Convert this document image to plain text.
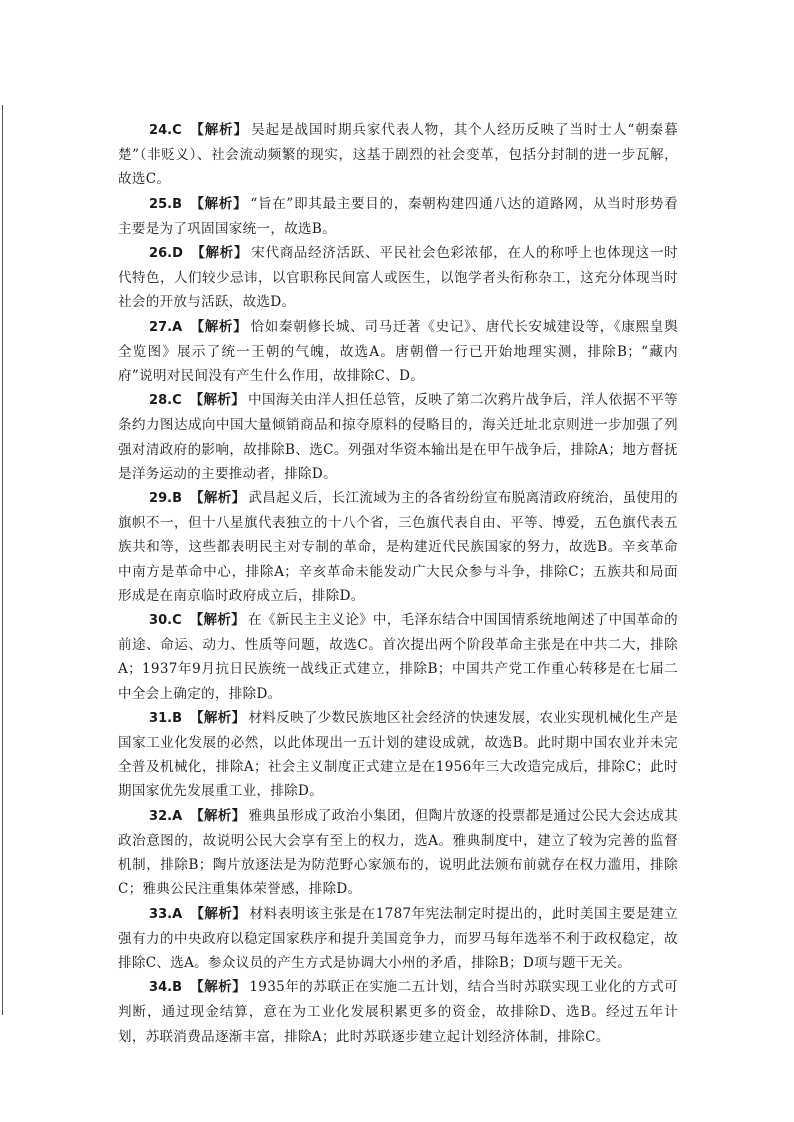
24.C 【解析】 吴起是战国时期兵家代表人物，其个人经历反映了当时士人“朝秦暮楚”（非贬义）、社会流动频繁的现实，这基于剧烈的社会变革，包括分封制的进一步瓦解，故选C。

25.B 【解析】 “旨在”即其最主要目的，秦朝构建四通八达的道路网，从当时形势看主要是为了巩固国家统一，故选B。

26.D 【解析】 宋代商品经济活跃、平民社会色彩浓郁，在人的称呼上也体现这一时代特色，人们较少忌讳，以官职称民间富人或医生，以饱学者头衔称杂工，这充分体现当时社会的开放与活跃，故选D。

27.A 【解析】 恰如秦朝修长城、司马迁著《史记》、唐代长安城建设等，《康熙皇舆全览图》展示了统一王朝的气魄，故选A。唐朝僧一行已开始地理实测，排除B；“藏内府”说明对民间没有产生什么作用，故排除C、D。

28.C 【解析】 中国海关由洋人担任总管，反映了第二次鸦片战争后，洋人依据不平等条约力图达成向中国大量倾销商品和掠夺原料的侵略目的，海关迁址北京则进一步加强了列强对清政府的影响，故排除B、选C。列强对华资本输出是在甲午战争后，排除A；地方督抚是洋务运动的主要推动者，排除D。

29.B 【解析】 武昌起义后，长江流域为主的各省纷纷宣布脱离清政府统治，虽使用的旗帜不一，但十八星旗代表独立的十八个省，三色旗代表自由、平等、博爱，五色旗代表五族共和等，这些都表明民主对专制的革命，是构建近代民族国家的努力，故选B。辛亥革命中南方是革命中心，排除A；辛亥革命未能发动广大民众参与斗争，排除C；五族共和局面形成是在南京临时政府成立后，排除D。

30.C 【解析】 在《新民主主义论》中，毛泽东结合中国国情系统地阐述了中国革命的前途、命运、动力、性质等问题，故选C。首次提出两个阶段革命主张是在中共二大，排除A；1937年9月抗日民族统一战线正式建立，排除B；中国共产党工作重心转移是在七届二中全会上确定的，排除D。

31.B 【解析】 材料反映了少数民族地区社会经济的快速发展，农业实现机械化生产是国家工业化发展的必然，以此体现出一五计划的建设成就，故选B。此时期中国农业并未完全普及机械化，排除A；社会主义制度正式建立是在1956年三大改造完成后，排除C；此时期国家优先发展重工业，排除D。

32.A 【解析】 雅典虽形成了政治小集团，但陶片放逐的投票都是通过公民大会达成其政治意图的，故说明公民大会享有至上的权力，选A。雅典制度中，建立了较为完善的监督机制，排除B；陶片放逐法是为防范野心家颁布的，说明此法颁布前就存在权力滥用，排除C；雅典公民注重集体荣誉感，排除D。

33.A 【解析】 材料表明该主张是在1787年宪法制定时提出的，此时美国主要是建立强有力的中央政府以稳定国家秩序和提升美国竞争力，而罗马每年选举不利于政权稳定，故排除C、选A。参众议员的产生方式是协调大小州的矛盾，排除B；D项与题干无关。

34.B 【解析】 1935年的苏联正在实施二五计划，结合当时苏联实现工业化的方式可判断，通过现金结算，意在为工业化发展积累更多的资金，故排除D、选B。经过五年计划，苏联消费品逐渐丰富，排除A；此时苏联逐步建立起计划经济体制，排除C。
